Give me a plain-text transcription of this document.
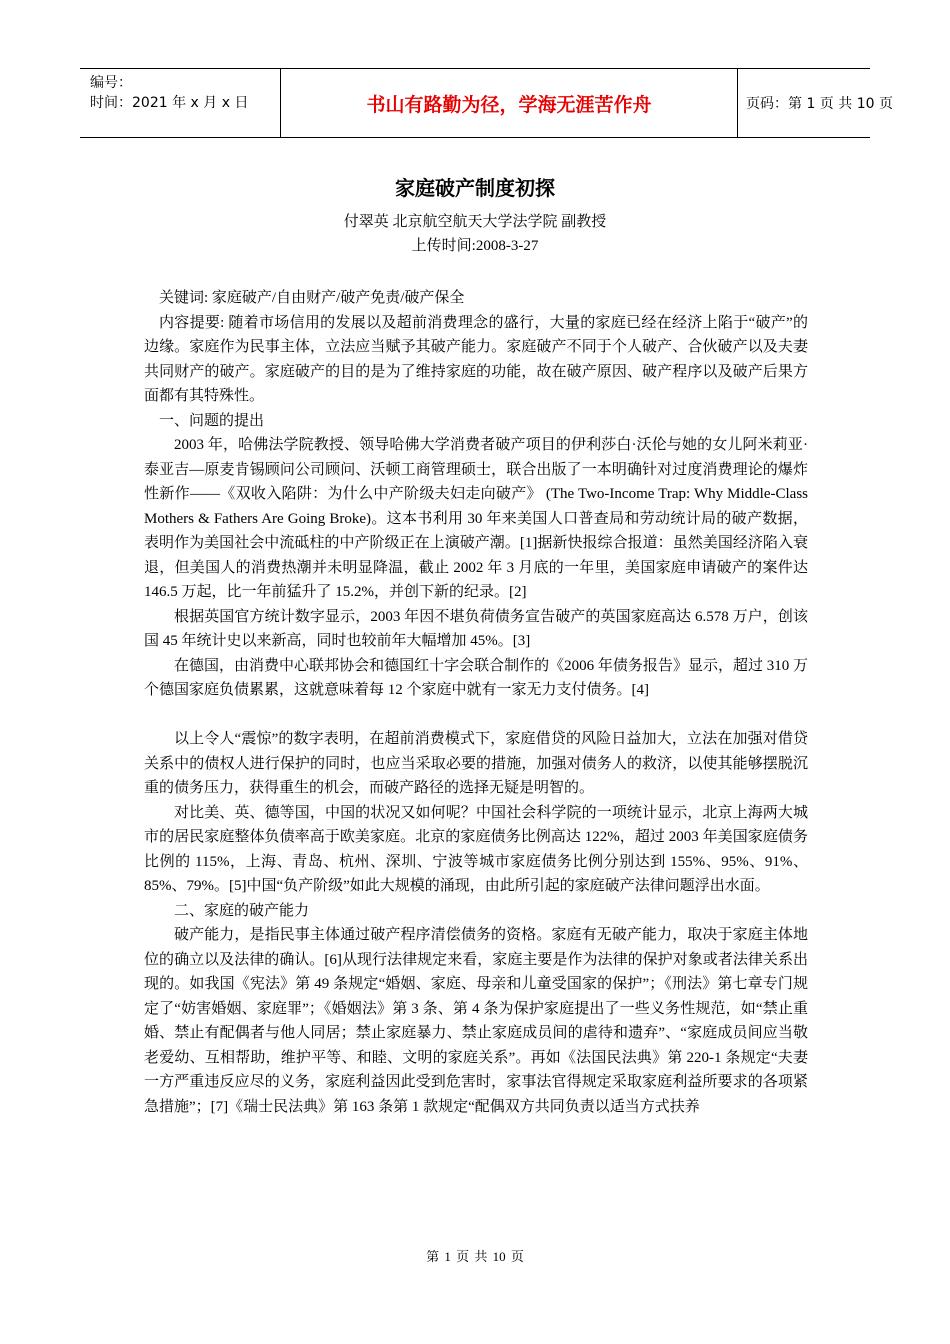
编号：
时间：2021 年 x 月 x 日	书山有路勤为径，学海无涯苦作舟	页码：第 1 页 共 10 页
家庭破产制度初探
付翠英 北京航空航天大学法学院 副教授
上传时间:2008-3-27

关键词: 家庭破产/自由财产/破产免责/破产保全

内容提要: 随着市场信用的发展以及超前消费理念的盛行，大量的家庭已经在经济上陷于“破产”的边缘。家庭作为民事主体，立法应当赋予其破产能力。家庭破产不同于个人破产、合伙破产以及夫妻共同财产的破产。家庭破产的目的是为了维持家庭的功能，故在破产原因、破产程序以及破产后果方面都有其特殊性。

一、问题的提出

2003 年，哈佛法学院教授、领导哈佛大学消费者破产项目的伊利莎白·沃伦与她的女儿阿米莉亚·泰亚吉—原麦肯锡顾问公司顾问、沃顿工商管理硕士，联合出版了一本明确针对过度消费理论的爆炸性新作——《双收入陷阱：为什么中产阶级夫妇走向破产》 (The Two-Income Trap: Why Middle-Class Mothers & Fathers Are Going Broke)。这本书利用 30 年来美国人口普查局和劳动统计局的破产数据，表明作为美国社会中流砥柱的中产阶级正在上演破产潮。[1]据新快报综合报道：虽然美国经济陷入衰退，但美国人的消费热潮并未明显降温，截止 2002 年 3 月底的一年里，美国家庭申请破产的案件达 146.5 万起，比一年前猛升了 15.2%，并创下新的纪录。[2]

根据英国官方统计数字显示，2003 年因不堪负荷债务宣告破产的英国家庭高达 6.578 万户，创该国 45 年统计史以来新高，同时也较前年大幅增加 45%。[3]

在德国，由消费中心联邦协会和德国红十字会联合制作的《2006 年债务报告》显示，超过 310 万个德国家庭负债累累，这就意味着每 12 个家庭中就有一家无力支付债务。[4]

以上令人“震惊”的数字表明，在超前消费模式下，家庭借贷的风险日益加大，立法在加强对借贷关系中的债权人进行保护的同时，也应当采取必要的措施，加强对债务人的救济，以使其能够摆脱沉重的债务压力，获得重生的机会，而破产路径的选择无疑是明智的。

对比美、英、德等国，中国的状况又如何呢？中国社会科学院的一项统计显示，北京上海两大城市的居民家庭整体负债率高于欧美家庭。北京的家庭债务比例高达 122%，超过 2003 年美国家庭债务比例的 115%，上海、青岛、杭州、深圳、宁波等城市家庭债务比例分别达到 155%、95%、91%、85%、79%。[5]中国“负产阶级”如此大规模的涌现，由此所引起的家庭破产法律问题浮出水面。

二、家庭的破产能力

破产能力，是指民事主体通过破产程序清偿债务的资格。家庭有无破产能力，取决于家庭主体地位的确立以及法律的确认。[6]从现行法律规定来看，家庭主要是作为法律的保护对象或者法律关系出现的。如我国《宪法》第 49 条规定“婚姻、家庭、母亲和儿童受国家的保护”；《刑法》第七章专门规定了“妨害婚姻、家庭罪”；《婚姻法》第 3 条、第 4 条为保护家庭提出了一些义务性规范，如“禁止重婚、禁止有配偶者与他人同居；禁止家庭暴力、禁止家庭成员间的虐待和遗弃”、“家庭成员间应当敬老爱幼、互相帮助，维护平等、和睦、文明的家庭关系”。再如《法国民法典》第 220-1 条规定“夫妻一方严重违反应尽的义务，家庭利益因此受到危害时，家事法官得规定采取家庭利益所要求的各项紧急措施”；[7]《瑞士民法典》第 163 条第 1 款规定“配偶双方共同负责以适当方式扶养

第 1 页 共 10 页
